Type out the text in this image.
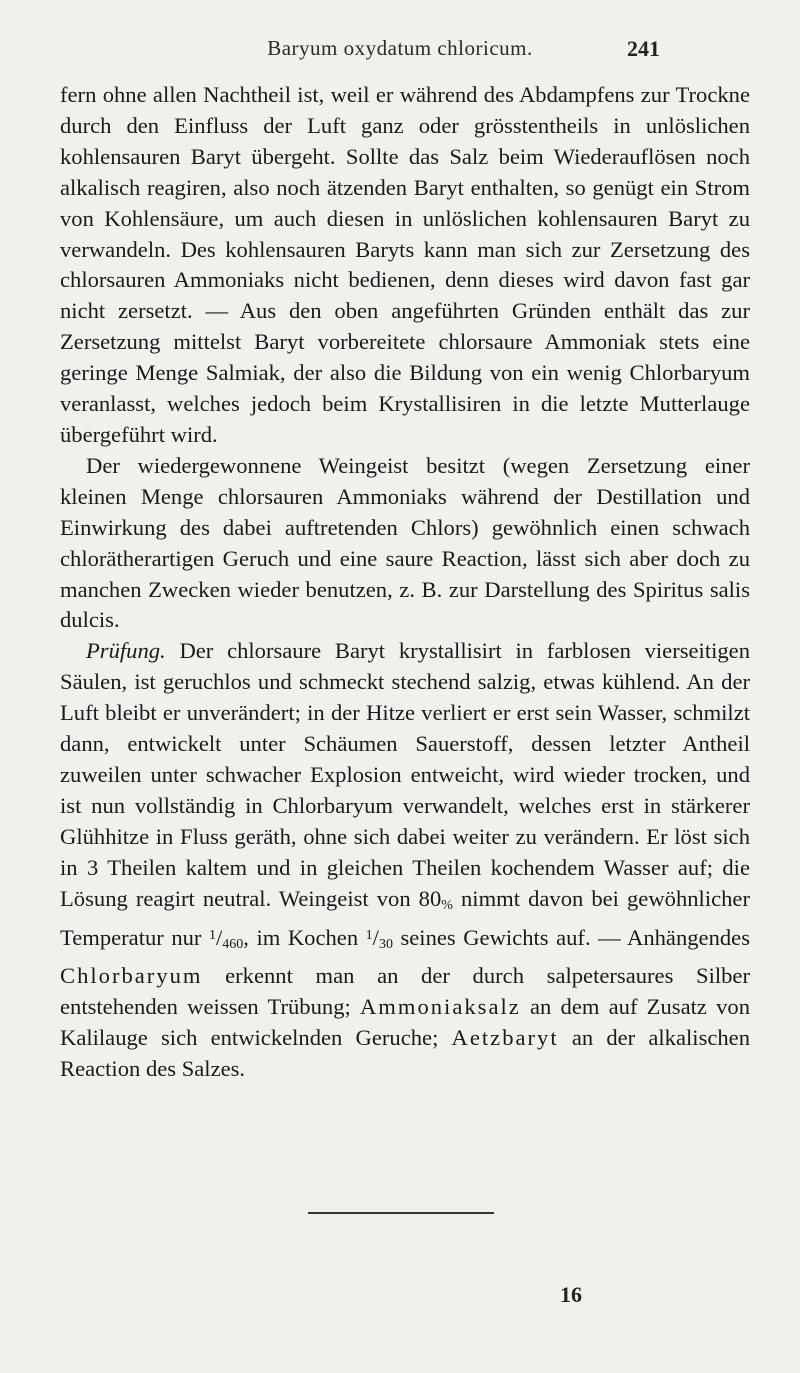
Baryum oxydatum chloricum.	241

fern ohne allen Nachtheil ist, weil er während des Abdampfens zur Trockne durch den Einfluss der Luft ganz oder grösstentheils in unlöslichen kohlensauren Baryt übergeht. Sollte das Salz beim Wiederauflösen noch alkalisch reagiren, also noch ätzenden Baryt enthalten, so genügt ein Strom von Kohlensäure, um auch diesen in unlöslichen kohlensauren Baryt zu verwandeln. Des kohlensauren Baryts kann man sich zur Zersetzung des chlorsauren Ammoniaks nicht bedienen, denn dieses wird davon fast gar nicht zersetzt. — Aus den oben angeführten Gründen enthält das zur Zersetzung mittelst Baryt vorbereitete chlorsaure Ammoniak stets eine geringe Menge Salmiak, der also die Bildung von ein wenig Chlorbaryum veranlasst, welches jedoch beim Krystallisiren in die letzte Mutterlauge übergeführt wird.

Der wiedergewonnene Weingeist besitzt (wegen Zersetzung einer kleinen Menge chlorsauren Ammoniaks während der Destillation und Einwirkung des dabei auftretenden Chlors) gewöhnlich einen schwach chlorätherartigen Geruch und eine saure Reaction, lässt sich aber doch zu manchen Zwecken wieder benutzen, z. B. zur Darstellung des Spiritus salis dulcis.

Prüfung. Der chlorsaure Baryt krystallisirt in farblosen vierseitigen Säulen, ist geruchlos und schmeckt stechend salzig, etwas kühlend. An der Luft bleibt er unverändert; in der Hitze verliert er erst sein Wasser, schmilzt dann, entwickelt unter Schäumen Sauerstoff, dessen letzter Antheil zuweilen unter schwacher Explosion entweicht, wird wieder trocken, und ist nun vollständig in Chlorbaryum verwandelt, welches erst in stärkerer Glühhitze in Fluss geräth, ohne sich dabei weiter zu verändern. Er löst sich in 3 Theilen kaltem und in gleichen Theilen kochendem Wasser auf; die Lösung reagirt neutral. Weingeist von $80_{\%}$ nimmt davon bei gewöhnlicher Temperatur nur $^1/_{460}$, im Kochen $^1/_{30}$ seines Gewichts auf. — Anhängendes Chlorbaryum erkennt man an der durch salpetersaures Silber entstehenden weissen Trübung; Ammoniaksalz an dem auf Zusatz von Kalilauge sich entwickelnden Geruche; Aetzbaryt an der alkalischen Reaction des Salzes.

16
